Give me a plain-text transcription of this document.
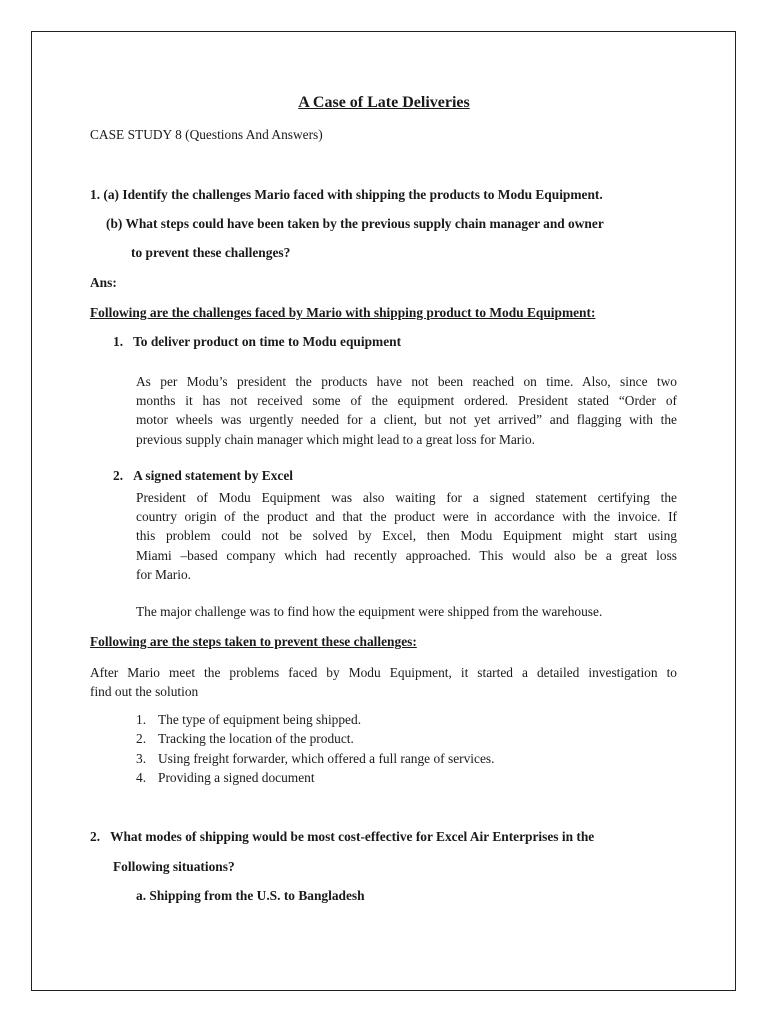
A Case of Late Deliveries
CASE STUDY 8 (Questions And Answers)
1. (a) Identify the challenges Mario faced with shipping the products to Modu Equipment.
(b) What steps could have been taken by the previous supply chain manager and owner
to prevent these challenges?
Ans:
Following are the challenges faced by Mario with shipping product to Modu Equipment:
1.   To deliver product on time to Modu equipment
As per Modu’s president the products have not been reached on time. Also, since two
months it has not received some of the equipment ordered. President stated “Order of
motor wheels was urgently needed for a client, but not yet arrived” and flagging with the
previous supply chain manager which might lead to a great loss for Mario.
2.   A signed statement by Excel
President of Modu Equipment was also waiting for a signed statement certifying the
country origin of the product and that the product were in accordance with the invoice. If
this problem could not be solved by Excel, then Modu Equipment might start using
Miami –based company which had recently approached. This would also be a great loss
for Mario.
The major challenge was to find how the equipment were shipped from the warehouse.
Following are the steps taken to prevent these challenges:
After Mario meet the problems faced by Modu Equipment, it started a detailed investigation to
find out the solution
1. The type of equipment being shipped.
2. Tracking the location of the product.
3. Using freight forwarder, which offered a full range of services.
4. Providing a signed document
2.   What modes of shipping would be most cost-effective for Excel Air Enterprises in the
Following situations?
a. Shipping from the U.S. to Bangladesh
